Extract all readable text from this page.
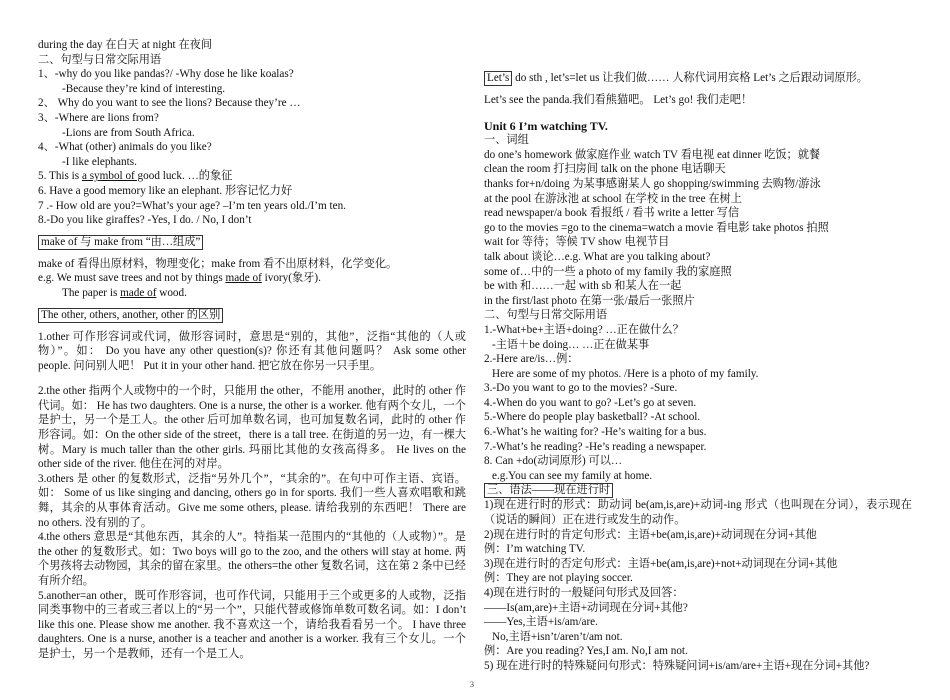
during the day 在白天 at night 在夜间
二、句型与日常交际用语
1、-why do you like pandas?/ -Why dose he like koalas?
-Because they’re kind of interesting.
2、 Why do you want to see the lions? Because they’re …
3、-Where are lions from?
-Lions are from South Africa.
4、-What (other) animals do you like?
-I like elephants.
5. This is a symbol of good luck. …的象征
6. Have a good memory like an elephant. 形容记忆力好
7 .- How old are you?=What’s your age? –I’m ten years old./I’m ten.
8.-Do you like giraffes? -Yes, I do. / No, I don’t
make of 与 make from “由…组成”
make of 看得出原材料，物理变化；make from 看不出原材料，化学变化。
e.g. We must save trees and not by things made of ivory(象牙).
The paper is made of wood.
The other, others, another, other 的区别
1.other 可作形容词或代词，做形容词时，意思是“别的，其他”，泛指“其他的（人或物）”。如： Do you have any other question(s)? 你还有其他问题吗？ Ask some other people. 问问别人吧！ Put it in your other hand. 把它放在你另一只手里。
2.the other 指两个人或物中的一个时，只能用 the other，不能用 another，此时的 other 作代词。如： He has two daughters. One is a nurse, the other is a worker. 他有两个女儿，一个是护士，另一个是工人。the other 后可加单数名词，也可加复数名词，此时的 other 作形容词。如：On the other side of the street，there is a tall tree. 在街道的另一边，有一棵大树。Mary is much taller than the other girls. 玛丽比其他的女孩高得多。 He lives on the other side of the river. 他住在河的对岸。
3.others 是 other 的复数形式，泛指“另外几个”，“其余的”。在句中可作主语、宾语。如： Some of us like singing and dancing, others go in for sports. 我们一些人喜欢唱歌和跳舞，其余的从事体育活动。Give me some others, please. 请给我别的东西吧！ There are no others. 没有别的了。
4.the others 意思是“其他东西，其余的人”。特指某一范围内的“其他的（人或物）”。是 the other 的复数形式。如：Two boys will go to the zoo, and the others will stay at home. 两个男孩将去动物园，其余的留在家里。the others=the other 复数名词，这在第 2 条中已经有所介绍。
5.another=an other，既可作形容词，也可作代词，只能用于三个或更多的人或物，泛指同类事物中的三者或三者以上的“另一个”，只能代替或修饰单数可数名词。如：I don’t like this one. Please show me another. 我不喜欢这一个，请给我看看另一个。 I have three daughters. One is a nurse, another is a teacher and another is a worker. 我有三个女儿。一个是护士，另一个是教师，还有一个是工人。
Let’s do sth , let’s=let us 让我们做…… 人称代词用宾格 Let’s 之后跟动词原形。
Let’s see the panda.我们看熊猫吧。 Let’s go! 我们走吧！
Unit 6 I’m watching TV.
一、词组
do one’s homework 做家庭作业 watch TV 看电视 eat dinner 吃饭；就餐
clean the room 打扫房间 talk on the phone 电话聊天
thanks for+n/doing 为某事感谢某人 go shopping/swimming 去购物/游泳
at the pool 在游泳池 at school 在学校 in the tree 在树上
read newspaper/a book 看报纸 / 看书 write a letter 写信
go to the movies =go to the cinema=watch a movie 看电影 take photos 拍照
wait for 等待；等候 TV show 电视节目
talk about 谈论…e.g. What are you talking about?
some of…中的一些 a photo of my family 我的家庭照
be with 和……一起 with sb 和某人在一起
in the first/last photo 在第一张/最后一张照片
二、句型与日常交际用语
1.-What+be+主语+doing? …正在做什么？
-主语＋be doing… …正在做某事
2.-Here are/is…例：
Here are some of my photos. /Here is a photo of my family.
3.-Do you want to go to the movies? -Sure.
4.-When do you want to go? -Let’s go at seven.
5.-Where do people play basketball? -At school.
6.-What’s he waiting for? -He’s waiting for a bus.
7.-What’s he reading? -He’s reading a newspaper.
8. Can +do(动词原形) 可以…
e.g.You can see my family at home.
三、语法——现在进行时
1)现在进行时的形式：助动词 be(am,is,are)+动词-ing 形式（也叫现在分词），表示现在（说话的瞬间）正在进行或发生的动作。
2)现在进行时的肯定句形式：主语+be(am,is,are)+动词现在分词+其他
例：I’m watching TV.
3)现在进行时的否定句形式：主语+be(am,is,are)+not+动词现在分词+其他
例：They are not playing soccer.
4)现在进行时的一般疑问句形式及回答：
——Is(am,are)+主语+动词现在分词+其他?
——Yes,主语+is/am/are.
No,主语+isn’t/aren’t/am not.
例：Are you reading? Yes,I am. No,I am not.
5) 现在进行时的特殊疑问句形式：特殊疑问词+is/am/are+主语+现在分词+其他?
3
